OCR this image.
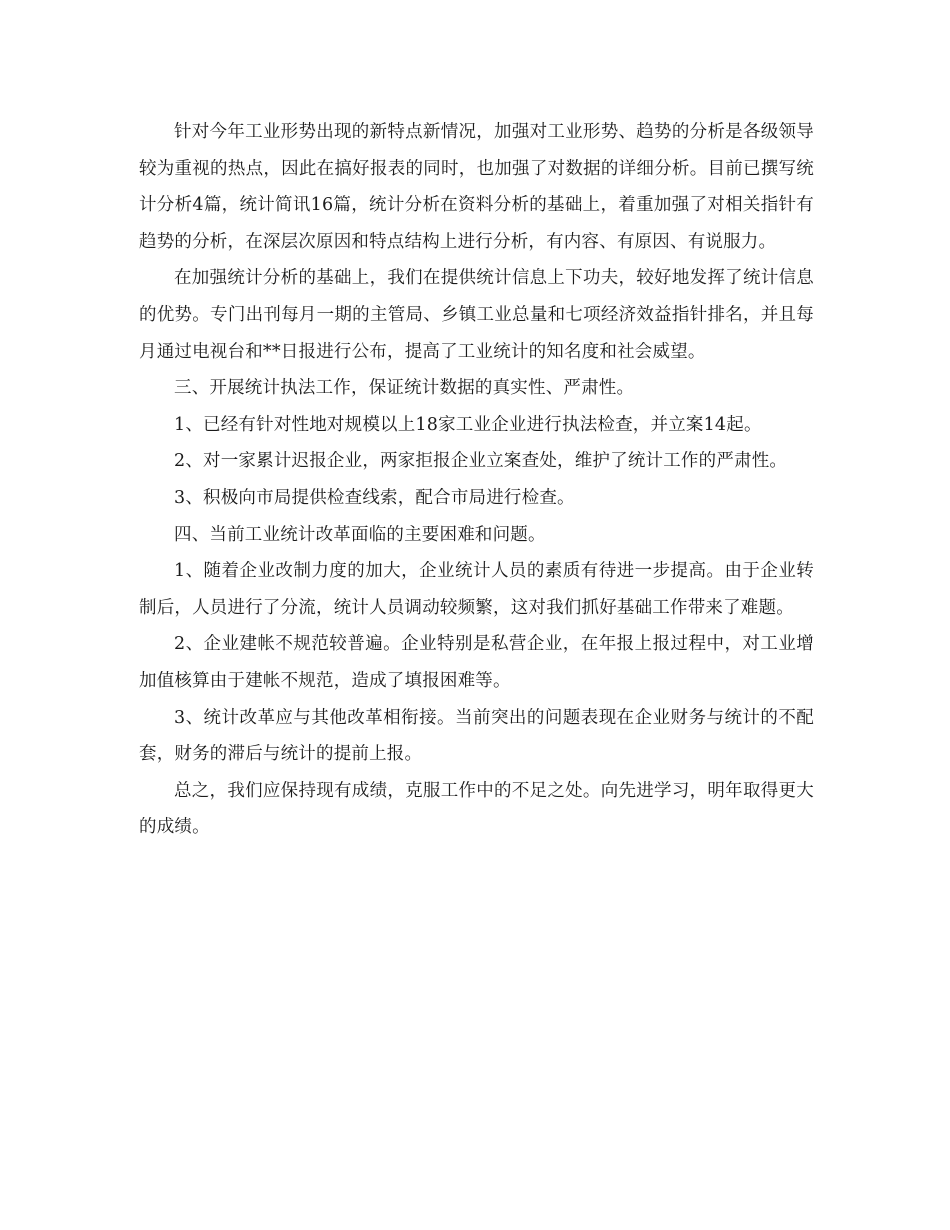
针对今年工业形势出现的新特点新情况，加强对工业形势、趋势的分析是各级领导较为重视的热点，因此在搞好报表的同时，也加强了对数据的详细分析。目前已撰写统计分析4篇，统计简讯16篇，统计分析在资料分析的基础上，着重加强了对相关指针有趋势的分析，在深层次原因和特点结构上进行分析，有内容、有原因、有说服力。

在加强统计分析的基础上，我们在提供统计信息上下功夫，较好地发挥了统计信息的优势。专门出刊每月一期的主管局、乡镇工业总量和七项经济效益指针排名，并且每月通过电视台和**日报进行公布，提高了工业统计的知名度和社会威望。

三、开展统计执法工作，保证统计数据的真实性、严肃性。

1、已经有针对性地对规模以上18家工业企业进行执法检查，并立案14起。

2、对一家累计迟报企业，两家拒报企业立案查处，维护了统计工作的严肃性。

3、积极向市局提供检查线索，配合市局进行检查。

四、当前工业统计改革面临的主要困难和问题。

1、随着企业改制力度的加大，企业统计人员的素质有待进一步提高。由于企业转制后，人员进行了分流，统计人员调动较频繁，这对我们抓好基础工作带来了难题。

2、企业建帐不规范较普遍。企业特别是私营企业，在年报上报过程中，对工业增加值核算由于建帐不规范，造成了填报困难等。

3、统计改革应与其他改革相衔接。当前突出的问题表现在企业财务与统计的不配套，财务的滞后与统计的提前上报。

总之，我们应保持现有成绩，克服工作中的不足之处。向先进学习，明年取得更大的成绩。
